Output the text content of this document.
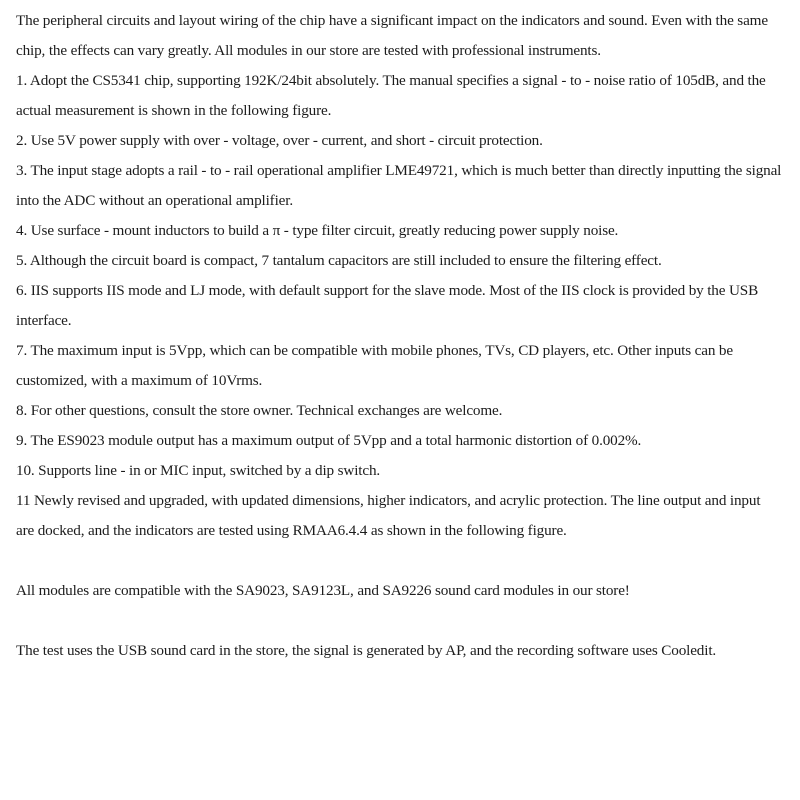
The peripheral circuits and layout wiring of the chip have a significant impact on the indicators and sound. Even with the same chip, the effects can vary greatly. All modules in our store are tested with professional instruments.

1. Adopt the CS5341 chip, supporting 192K/24bit absolutely. The manual specifies a signal - to - noise ratio of 105dB, and the actual measurement is shown in the following figure.

2. Use 5V power supply with over - voltage, over - current, and short - circuit protection.

3. The input stage adopts a rail - to - rail operational amplifier LME49721, which is much better than directly inputting the signal into the ADC without an operational amplifier.

4. Use surface - mount inductors to build a π - type filter circuit, greatly reducing power supply noise.

5. Although the circuit board is compact, 7 tantalum capacitors are still included to ensure the filtering effect.

6. IIS supports IIS mode and LJ mode, with default support for the slave mode. Most of the IIS clock is provided by the USB interface.

7. The maximum input is 5Vpp, which can be compatible with mobile phones, TVs, CD players, etc. Other inputs can be customized, with a maximum of 10Vrms.

8. For other questions, consult the store owner. Technical exchanges are welcome.

9. The ES9023 module output has a maximum output of 5Vpp and a total harmonic distortion of 0.002%.

10. Supports line - in or MIC input, switched by a dip switch.

11 Newly revised and upgraded, with updated dimensions, higher indicators, and acrylic protection. The line output and input are docked, and the indicators are tested using RMAA6.4.4 as shown in the following figure.

All modules are compatible with the SA9023, SA9123L, and SA9226 sound card modules in our store!

The test uses the USB sound card in the store, the signal is generated by AP, and the recording software uses Cooledit.
